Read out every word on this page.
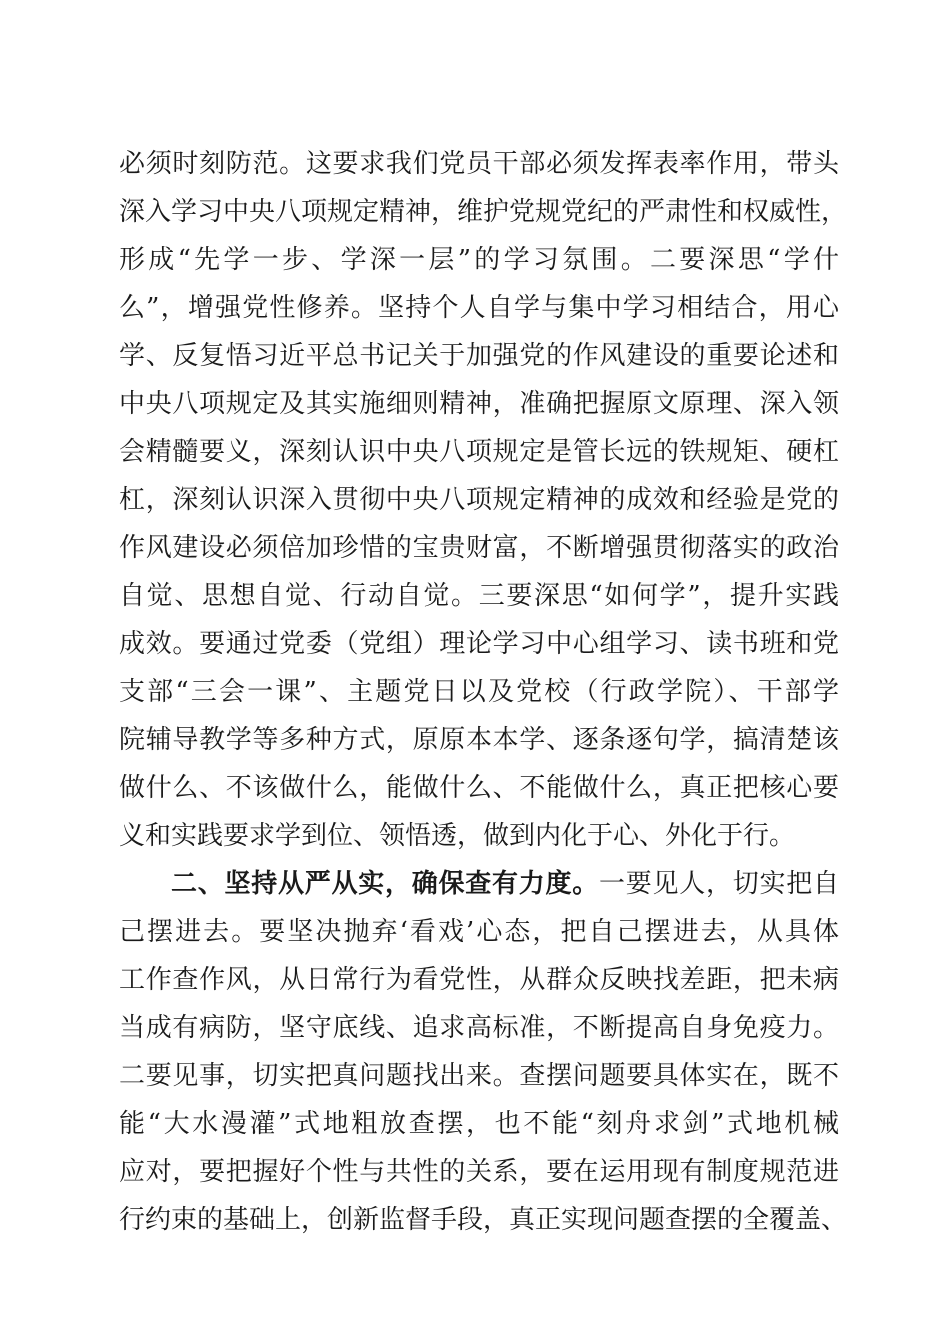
必须时刻防范。这要求我们党员干部必须发挥表率作用，带头
深入学习中央八项规定精神，维护党规党纪的严肃性和权威性，
形成“先学一步、学深一层”的学习氛围。二要深思“学什
么”，增强党性修养。坚持个人自学与集中学习相结合，用心
学、反复悟习近平总书记关于加强党的作风建设的重要论述和
中央八项规定及其实施细则精神，准确把握原文原理、深入领
会精髓要义，深刻认识中央八项规定是管长远的铁规矩、硬杠
杠，深刻认识深入贯彻中央八项规定精神的成效和经验是党的
作风建设必须倍加珍惜的宝贵财富，不断增强贯彻落实的政治
自觉、思想自觉、行动自觉。三要深思“如何学”，提升实践
成效。要通过党委（党组）理论学习中心组学习、读书班和党
支部“三会一课”、主题党日以及党校（行政学院）、干部学
院辅导教学等多种方式，原原本本学、逐条逐句学，搞清楚该
做什么、不该做什么，能做什么、不能做什么，真正把核心要
义和实践要求学到位、领悟透，做到内化于心、外化于行。
二、坚持从严从实，确保查有力度。一要见人，切实把自
己摆进去。要坚决抛弃‘看戏’心态，把自己摆进去，从具体
工作查作风，从日常行为看党性，从群众反映找差距，把未病
当成有病防，坚守底线、追求高标准，不断提高自身免疫力。
二要见事，切实把真问题找出来。查摆问题要具体实在，既不
能“大水漫灌”式地粗放查摆，也不能“刻舟求剑”式地机械
应对，要把握好个性与共性的关系，要在运用现有制度规范进
行约束的基础上，创新监督手段，真正实现问题查摆的全覆盖、
